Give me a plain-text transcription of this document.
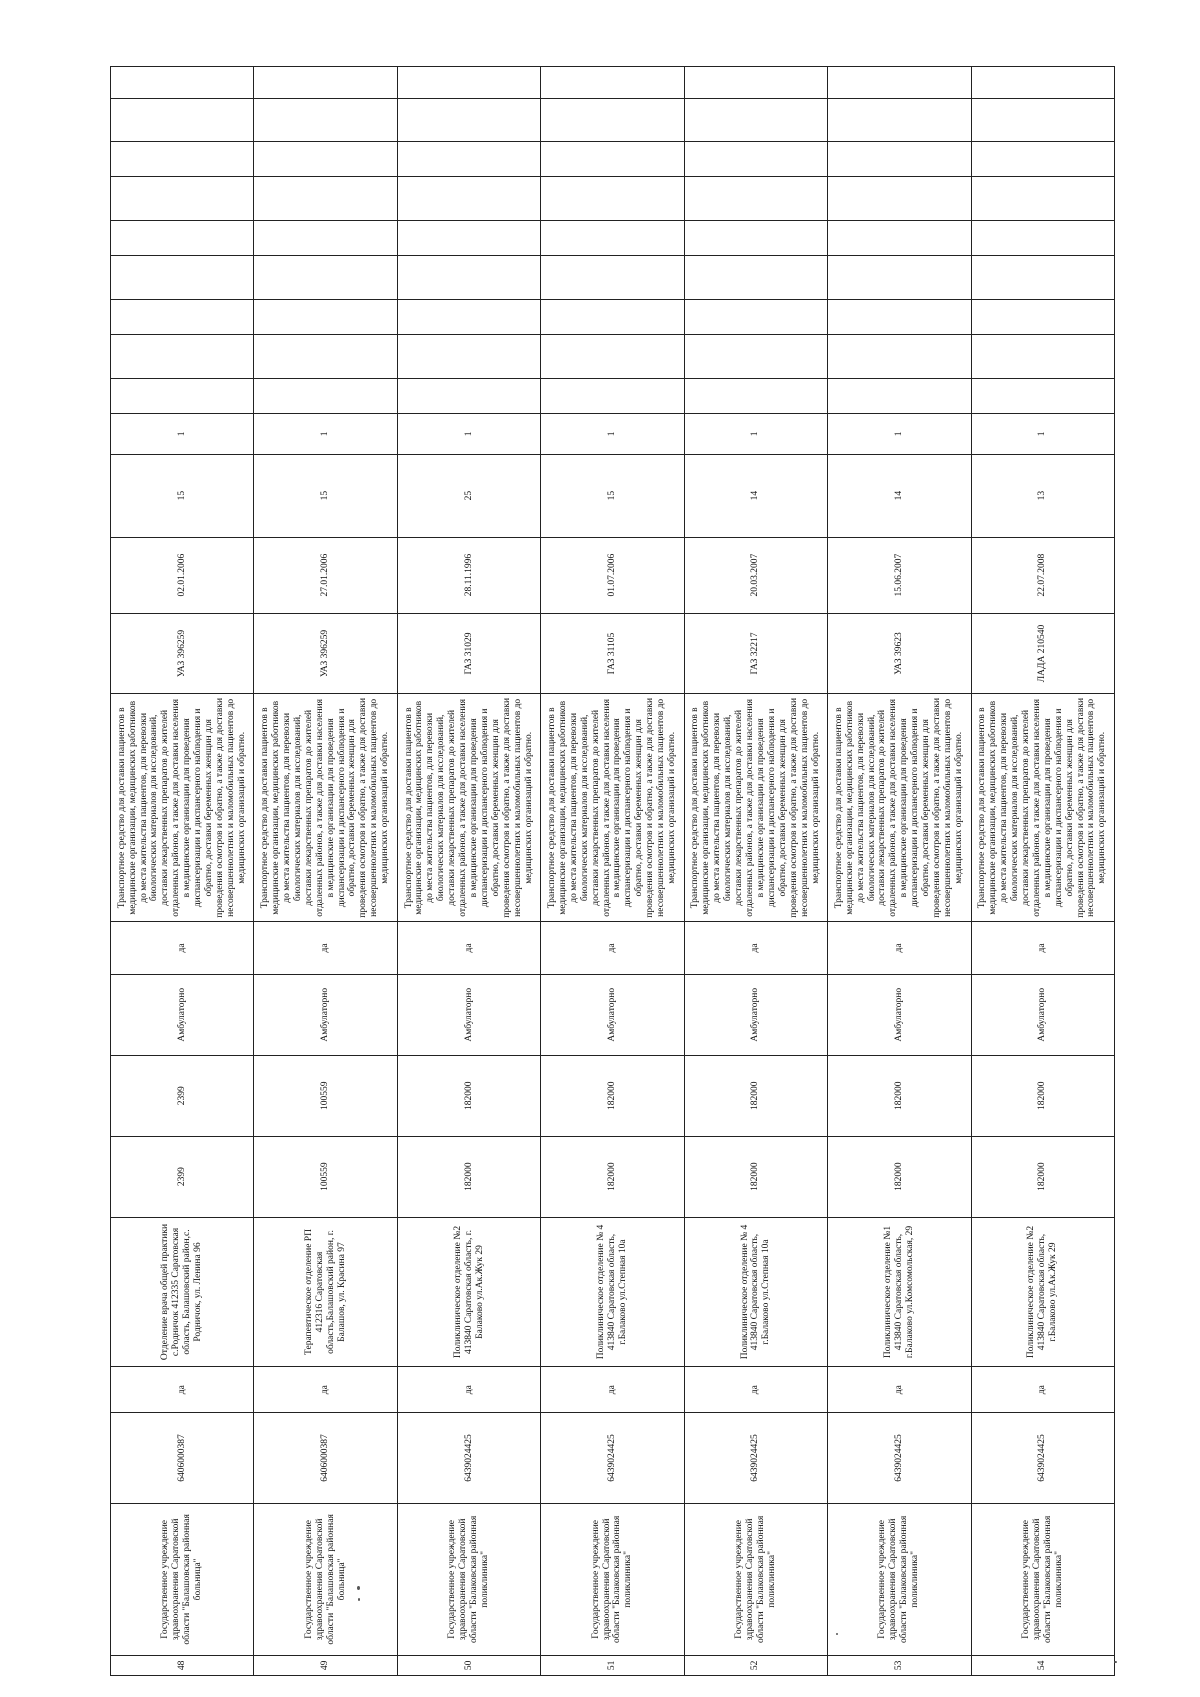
48	Государственное учреждение здравоохранения Саратовской области "Балашовская районная больница"	6406000387	да	Отделение врача общей практики с.Родничок 412335 Саратовская область, Балашовский район,с. Родничок, ул. Ленина 96	2399	2399	Амбулаторно	да	Транспортное средство для доставки пациентов в медицинские организации, медицинских работников до места жительства пациентов, для перевозки биологических материалов для исследований, доставки лекарственных препаратов до жителей отдаленных районов, а также для доставки населения в медицинские организации для проведения диспансеризации и диспансерного наблюдения и обратно, доставки беременных женщин для проведения осмотров и обратно, а также для доставки несовершеннолетних и маломобильных пациентов до медицинских организаций и обратно.	УАЗ 396259	02.01.2006	15	1									
49	Государственное учреждение здравоохранения Саратовской области "Балашовская районная больница"	6406000387	да	Терапевтическое отделение РП 412316 Саратовская область,Балашовский район, г. Балашов, ул. Красина 97	100559	100559	Амбулаторно	да	Транспортное средство для доставки пациентов в медицинские организации, медицинских работников до места жительства пациентов, для перевозки биологических материалов для исследований, доставки лекарственных препаратов до жителей отдаленных районов, а также для доставки населения в медицинские организации для проведения диспансеризации и диспансерного наблюдения и обратно, доставки беременных женщин для проведения осмотров и обратно, а также для доставки несовершеннолетних и маломобильных пациентов до медицинских организаций и обратно.	УАЗ 396259	27.01.2006	15	1									
50	Государственное учреждение здравоохранения Саратовской области "Балаковская районная поликлиника"	6439024425	да	Поликлиническое отделение №2 413840 Саратовская область, г. Балаково ул.Ак.Жук 29	182000	182000	Амбулаторно	да	Транспортное средство для доставки пациентов в медицинские организации, медицинских работников до места жительства пациентов, для перевозки биологических материалов для исследований, доставки лекарственных препаратов до жителей отдаленных районов, а также для доставки населения в медицинские организации для проведения диспансеризации и диспансерного наблюдения и обратно, доставки беременных женщин для проведения осмотров и обратно, а также для доставки несовершеннолетних и маломобильных пациентов до медицинских организаций и обратно.	ГАЗ 31029	28.11.1996	25	1									
51	Государственное учреждение здравоохранения Саратовской области "Балаковская районная поликлиника"	6439024425	да	Поликлиническое отделение № 4 413840 Саратовская область, г.Балаково ул.Степная 10а	182000	182000	Амбулаторно	да	Транспортное средство для доставки пациентов в медицинские организации, медицинских работников до места жительства пациентов, для перевозки биологических материалов для исследований, доставки лекарственных препаратов до жителей отдаленных районов, а также для доставки населения в медицинские организации для проведения диспансеризации и диспансерного наблюдения и обратно, доставки беременных женщин для проведения осмотров и обратно, а также для доставки несовершеннолетних и маломобильных пациентов до медицинских организаций и обратно.	ГАЗ 31105	01.07.2006	15	1									
52	Государственное учреждение здравоохранения Саратовской области "Балаковская районная поликлиника"	6439024425	да	Поликлиническое отделение № 4 413840 Саратовская область, г.Балаково ул.Степная 10а	182000	182000	Амбулаторно	да	Транспортное средство для доставки пациентов в медицинские организации, медицинских работников до места жительства пациентов, для перевозки биологических материалов для исследований, доставки лекарственных препаратов до жителей отдаленных районов, а также для доставки населения в медицинские организации для проведения диспансеризации и диспансерного наблюдения и обратно, доставки беременных женщин для проведения осмотров и обратно, а также для доставки несовершеннолетних и маломобильных пациентов до медицинских организаций и обратно.	ГАЗ 32217	20.03.2007	14	1									
53	Государственное учреждение здравоохранения Саратовской области "Балаковская районная поликлиника"	6439024425	да	Поликлиническое отделение №1 413840 Саратовская область, г.Балаково ул.Комсомольская, 29	182000	182000	Амбулаторно	да	Транспортное средство для доставки пациентов в медицинские организации, медицинских работников до места жительства пациентов, для перевозки биологических материалов для исследований, доставки лекарственных препаратов до жителей отдаленных районов, а также для доставки населения в медицинские организации для проведения диспансеризации и диспансерного наблюдения и обратно, доставки беременных женщин для проведения осмотров и обратно, а также для доставки несовершеннолетних и маломобильных пациентов до медицинских организаций и обратно.	УАЗ 39623	15.06.2007	14	1									
54	Государственное учреждение здравоохранения Саратовской области "Балаковская районная поликлиника"	6439024425	да	Поликлиническое отделение №2 413840 Саратовская область, г.Балаково ул.Ак.Жук 29	182000	182000	Амбулаторно	да	Транспортное средство для доставки пациентов в медицинские организации, медицинских работников до места жительства пациентов, для перевозки биологических материалов для исследований, доставки лекарственных препаратов до жителей отдаленных районов, а также для доставки населения в медицинские организации для проведения диспансеризации и диспансерного наблюдения и обратно, доставки беременных женщин для проведения осмотров и обратно, а также для доставки несовершеннолетних и маломобильных пациентов до медицинских организаций и обратно.	ЛАДА 210540	22.07.2008	13	1									
